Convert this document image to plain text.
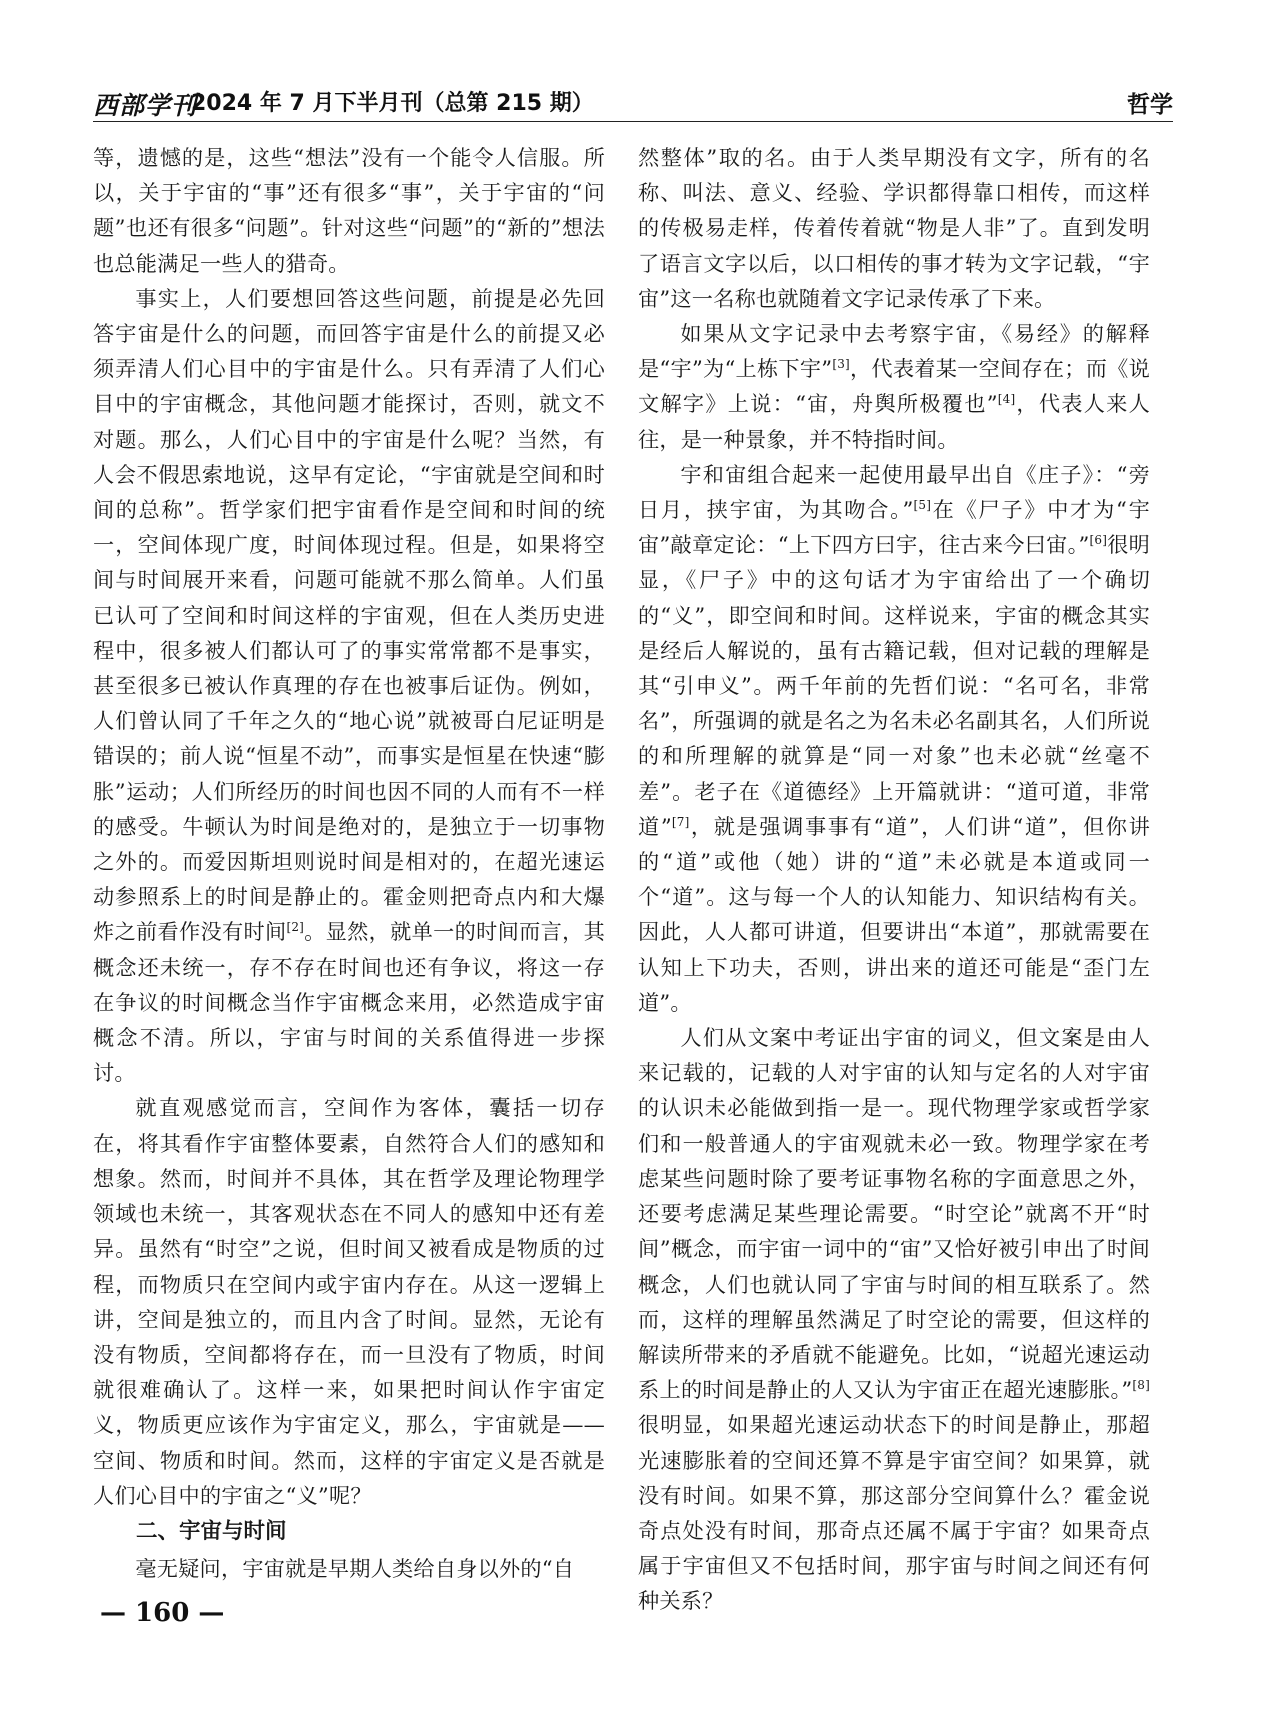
西部学刊
2024 年 7 月下半月刊（总第 215 期）	哲学

等，遗憾的是，这些“想法”没有一个能令人信服。所以，关于宇宙的“事”还有很多“事”，关于宇宙的“问题”也还有很多“问题”。针对这些“问题”的“新的”想法也总能满足一些人的猎奇。

事实上，人们要想回答这些问题，前提是必先回答宇宙是什么的问题，而回答宇宙是什么的前提又必须弄清人们心目中的宇宙是什么。只有弄清了人们心目中的宇宙概念，其他问题才能探讨，否则，就文不对题。那么，人们心目中的宇宙是什么呢？当然，有人会不假思索地说，这早有定论，“宇宙就是空间和时间的总称”。哲学家们把宇宙看作是空间和时间的统一，空间体现广度，时间体现过程。但是，如果将空间与时间展开来看，问题可能就不那么简单。人们虽已认可了空间和时间这样的宇宙观，但在人类历史进程中，很多被人们都认可了的事实常常都不是事实，甚至很多已被认作真理的存在也被事后证伪。例如，人们曾认同了千年之久的“地心说”就被哥白尼证明是错误的；前人说“恒星不动”，而事实是恒星在快速“膨胀”运动；人们所经历的时间也因不同的人而有不一样的感受。牛顿认为时间是绝对的，是独立于一切事物之外的。而爱因斯坦则说时间是相对的，在超光速运动参照系上的时间是静止的。霍金则把奇点内和大爆炸之前看作没有时间[2]。显然，就单一的时间而言，其概念还未统一，存不存在时间也还有争议，将这一存在争议的时间概念当作宇宙概念来用，必然造成宇宙概念不清。所以，宇宙与时间的关系值得进一步探讨。

就直观感觉而言，空间作为客体，囊括一切存在，将其看作宇宙整体要素，自然符合人们的感知和想象。然而，时间并不具体，其在哲学及理论物理学领域也未统一，其客观状态在不同人的感知中还有差异。虽然有“时空”之说，但时间又被看成是物质的过程，而物质只在空间内或宇宙内存在。从这一逻辑上讲，空间是独立的，而且内含了时间。显然，无论有没有物质，空间都将存在，而一旦没有了物质，时间就很难确认了。这样一来，如果把时间认作宇宙定义，物质更应该作为宇宙定义，那么，宇宙就是——空间、物质和时间。然而，这样的宇宙定义是否就是人们心目中的宇宙之“义”呢？

二、宇宙与时间

毫无疑问，宇宙就是早期人类给自身以外的“自

然整体”取的名。由于人类早期没有文字，所有的名称、叫法、意义、经验、学识都得靠口相传，而这样的传极易走样，传着传着就“物是人非”了。直到发明了语言文字以后，以口相传的事才转为文字记载，“宇宙”这一名称也就随着文字记录传承了下来。

如果从文字记录中去考察宇宙，《易经》的解释是“宇”为“上栋下宇”[3]，代表着某一空间存在；而《说文解字》上说：“宙，舟舆所极覆也”[4]，代表人来人往，是一种景象，并不特指时间。

宇和宙组合起来一起使用最早出自《庄子》：“旁日月，挟宇宙，为其吻合。”[5]在《尸子》中才为“宇宙”敲章定论：“上下四方曰宇，往古来今曰宙。”[6]很明显，《尸子》中的这句话才为宇宙给出了一个确切的“义”，即空间和时间。这样说来，宇宙的概念其实是经后人解说的，虽有古籍记载，但对记载的理解是其“引申义”。两千年前的先哲们说：“名可名，非常名”，所强调的就是名之为名未必名副其名，人们所说的和所理解的就算是“同一对象”也未必就“丝毫不差”。老子在《道德经》上开篇就讲：“道可道，非常道”[7]，就是强调事事有“道”，人们讲“道”，但你讲的“道”或他（她）讲的“道”未必就是本道或同一个“道”。这与每一个人的认知能力、知识结构有关。因此，人人都可讲道，但要讲出“本道”，那就需要在认知上下功夫，否则，讲出来的道还可能是“歪门左道”。

人们从文案中考证出宇宙的词义，但文案是由人来记载的，记载的人对宇宙的认知与定名的人对宇宙的认识未必能做到指一是一。现代物理学家或哲学家们和一般普通人的宇宙观就未必一致。物理学家在考虑某些问题时除了要考证事物名称的字面意思之外，还要考虑满足某些理论需要。“时空论”就离不开“时间”概念，而宇宙一词中的“宙”又恰好被引申出了时间概念，人们也就认同了宇宙与时间的相互联系了。然而，这样的理解虽然满足了时空论的需要，但这样的解读所带来的矛盾就不能避免。比如，“说超光速运动系上的时间是静止的人又认为宇宙正在超光速膨胀。”[8]很明显，如果超光速运动状态下的时间是静止，那超光速膨胀着的空间还算不算是宇宙空间？如果算，就没有时间。如果不算，那这部分空间算什么？霍金说奇点处没有时间，那奇点还属不属于宇宙？如果奇点属于宇宙但又不包括时间，那宇宙与时间之间还有何种关系？

— 160 —
